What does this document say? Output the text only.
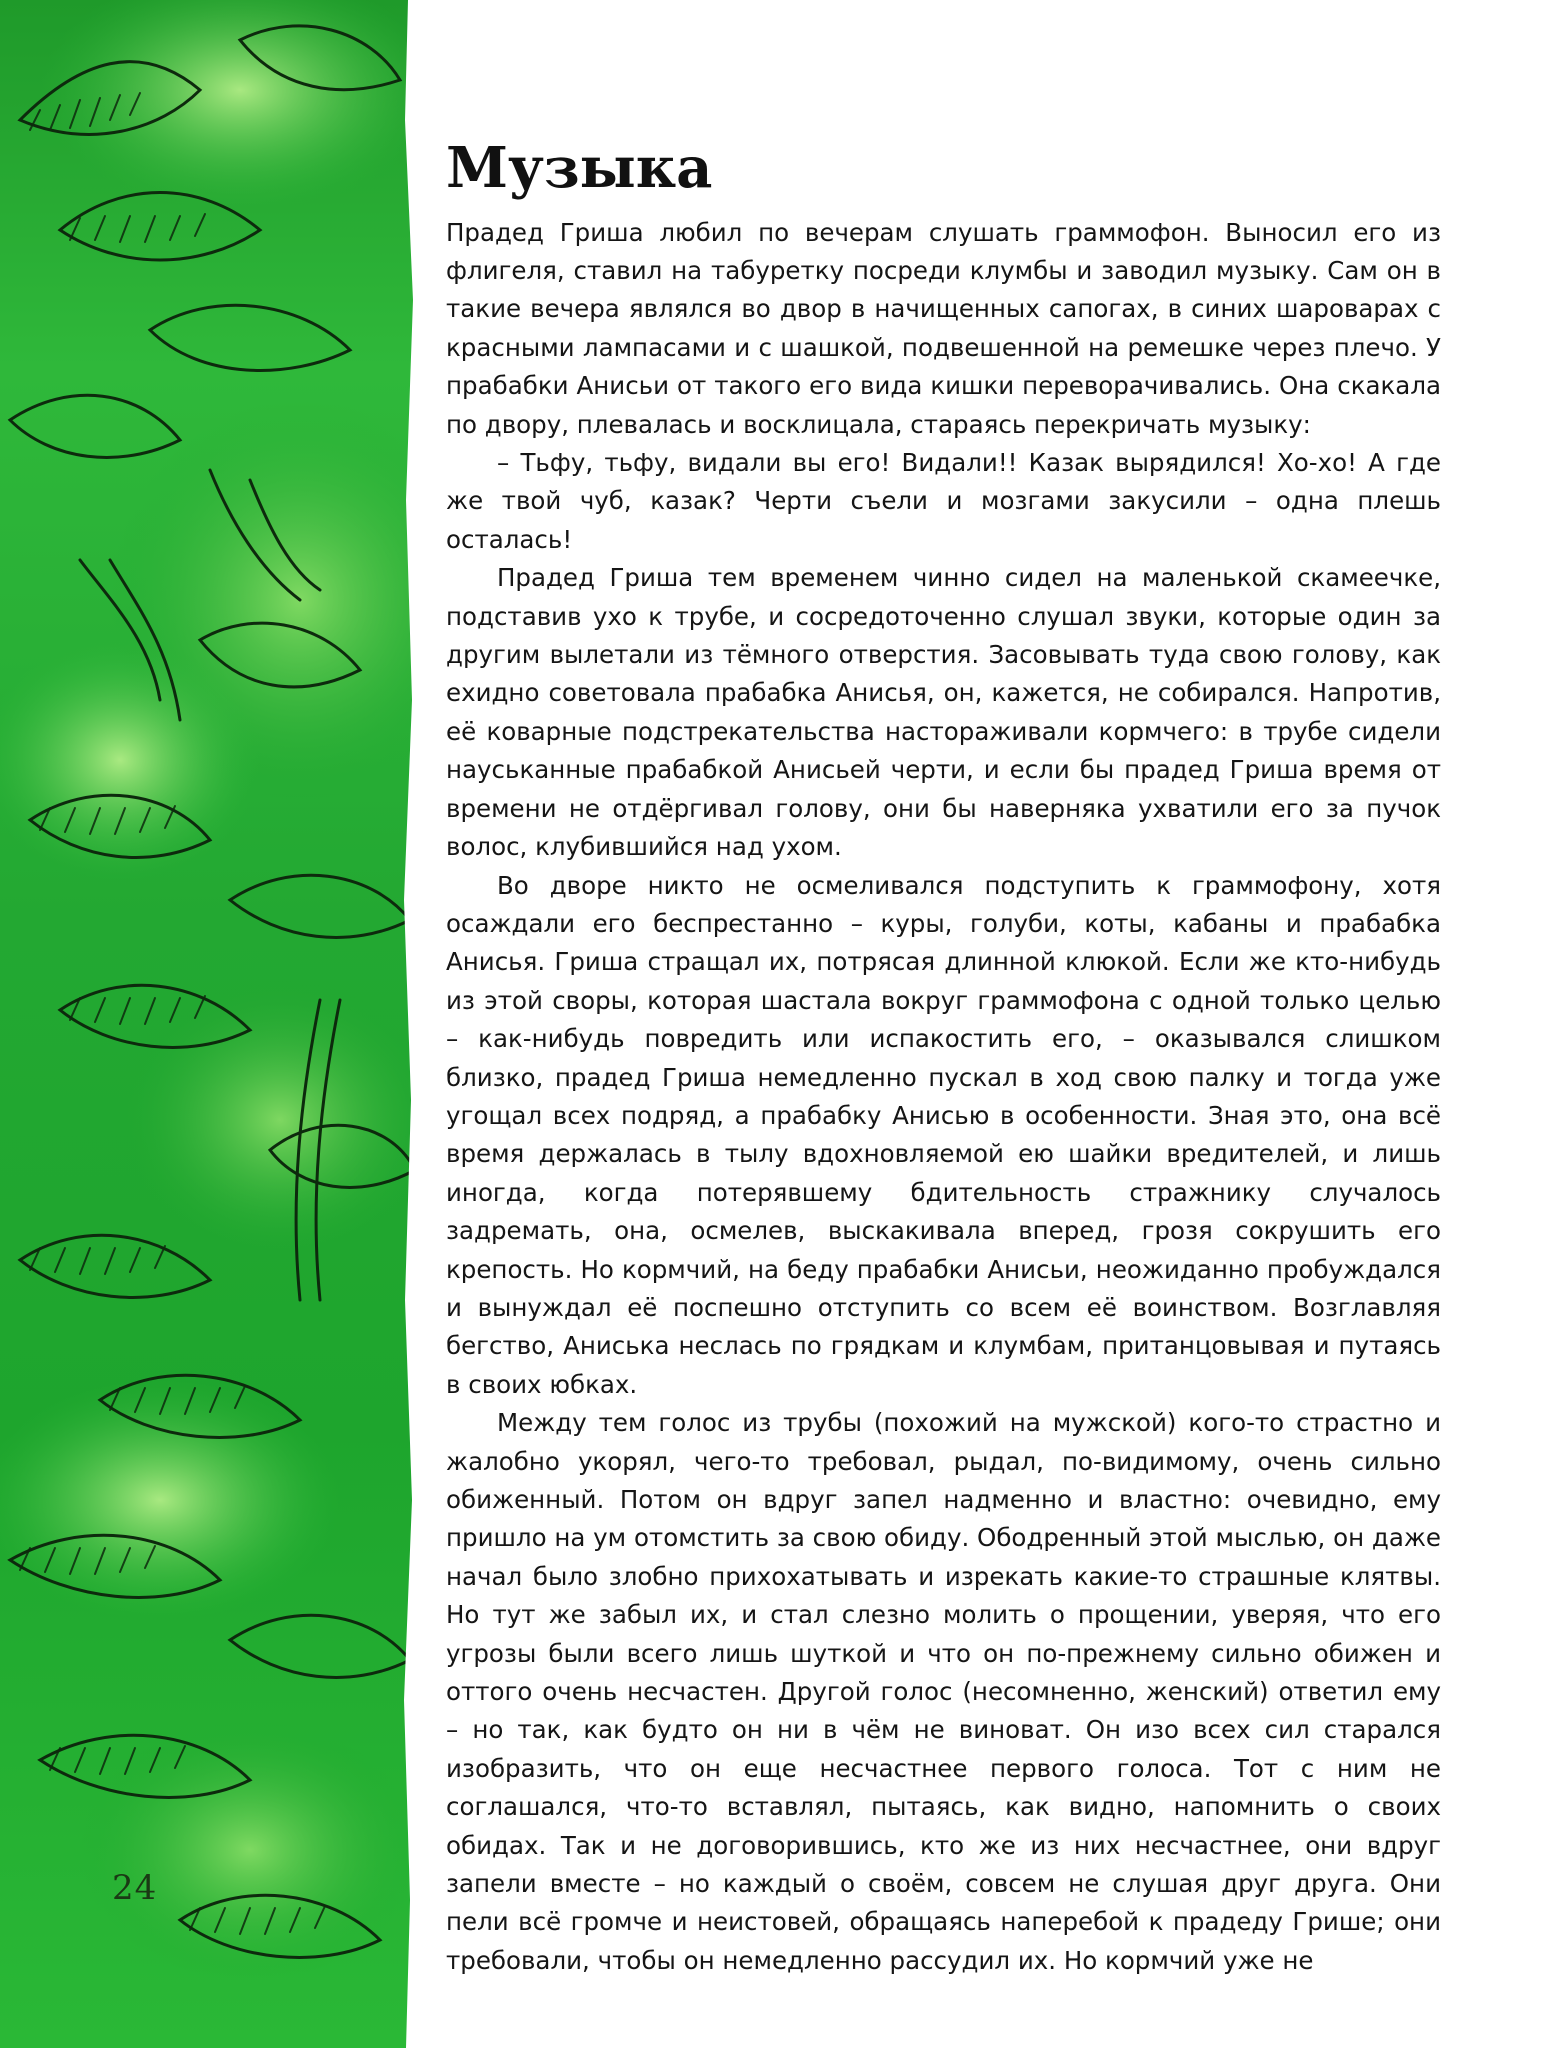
24
Музыка

Прадед Гриша любил по вечерам слушать граммофон. Выносил его из флигеля, ставил на табуретку посреди клумбы и заводил музыку. Сам он в такие вечера являлся во двор в начищенных сапогах, в синих шароварах с красными лампасами и с шашкой, подвешенной на ремешке через плечо. У прабабки Анисьи от такого его вида кишки переворачивались. Она скакала по двору, плевалась и восклицала, стараясь перекричать музыку:

– Тьфу, тьфу, видали вы его! Видали!! Казак вырядился! Хо-хо! А где же твой чуб, казак? Черти съели и мозгами закусили – одна плешь осталась!

Прадед Гриша тем временем чинно сидел на маленькой скамеечке, подставив ухо к трубе, и сосредоточенно слушал звуки, которые один за другим вылетали из тёмного отверстия. Засовывать туда свою голову, как ехидно советовала прабабка Анисья, он, кажется, не собирался. Напротив, её коварные подстрекательства настораживали кормчего: в трубе сидели науськанные прабабкой Анисьей черти, и если бы прадед Гриша время от времени не отдёргивал голову, они бы наверняка ухватили его за пучок волос, клубившийся над ухом.

Во дворе никто не осмеливался подступить к граммофону, хотя осаждали его беспрестанно – куры, голуби, коты, кабаны и прабабка Анисья. Гриша стращал их, потрясая длинной клюкой. Если же кто-нибудь из этой своры, которая шастала вокруг граммофона с одной только целью – как-нибудь повредить или испакостить его, – оказывался слишком близко, прадед Гриша немедленно пускал в ход свою палку и тогда уже угощал всех подряд, а прабабку Анисью в особенности. Зная это, она всё время держалась в тылу вдохновляемой ею шайки вредителей, и лишь иногда, когда потерявшему бдительность стражнику случалось задремать, она, осмелев, выскакивала вперед, грозя сокрушить его крепость. Но кормчий, на беду прабабки Анисьи, неожиданно пробуждался и вынуждал её поспешно отступить со всем её воинством. Возглавляя бегство, Аниська неслась по грядкам и клумбам, пританцовывая и путаясь в своих юбках.

Между тем голос из трубы (похожий на мужской) кого-то страстно и жалобно укорял, чего-то требовал, рыдал, по-видимому, очень сильно обиженный. Потом он вдруг запел надменно и властно: очевидно, ему пришло на ум отомстить за свою обиду. Ободренный этой мыслью, он даже начал было злобно прихохатывать и изрекать какие-то страшные клятвы. Но тут же забыл их, и стал слезно молить о прощении, уверяя, что его угрозы были всего лишь шуткой и что он по-прежнему сильно обижен и оттого очень несчастен. Другой голос (несомненно, женский) ответил ему – но так, как будто он ни в чём не виноват. Он изо всех сил старался изобразить, что он еще несчастнее первого голоса. Тот с ним не соглашался, что-то вставлял, пытаясь, как видно, напомнить о своих обидах. Так и не договорившись, кто же из них несчастнее, они вдруг запели вместе – но каждый о своём, совсем не слушая друг друга. Они пели всё громче и неистовей, обращаясь наперебой к прадеду Грише; они требовали, чтобы он немедленно рассудил их. Но кормчий уже не
